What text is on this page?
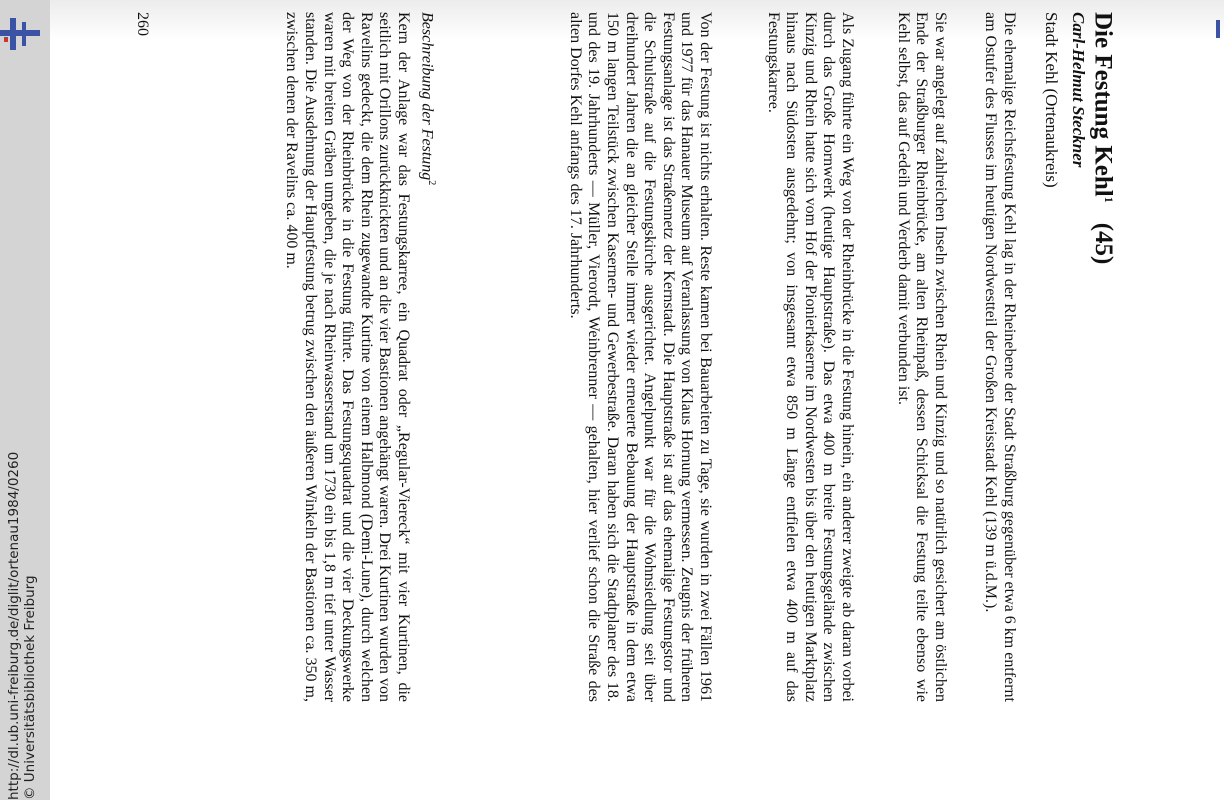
http://dl.ub.uni-freiburg.de/diglit/ortenau1984/0260 © Universitätsbibliothek Freiburg
Die Festung Kehl$^1$(45)
Carl-Helmut Steckner
Stadt Kehl (Ortenaukreis)

Die ehemalige Reichsfestung Kehl lag in der Rheinebene der Stadt Straßburg gegenüber etwa 6 km entfernt am Ostufer des Flusses im heutigen Nordwestteil der Großen Kreisstadt Kehl (139 m ü.d.M.).

Sie war angelegt auf zahlreichen Inseln zwischen Rhein und Kinzig und so natürlich gesichert am östlichen Ende der Straßburger Rheinbrücke, am alten Rheinpaß, dessen Schicksal die Festung teilte ebenso wie Kehl selbst, das auf Gedeih und Verderb damit verbunden ist.

Als Zugang führte ein Weg von der Rheinbrücke in die Festung hinein, ein anderer zweigte ab daran vorbei durch das Große Hornwerk (heutige Hauptstraße). Das etwa 400 m breite Festungsgelände zwischen Kinzig und Rhein hatte sich vom Hof der Pionierkaserne im Nordwesten bis über den heutigen Marktplatz hinaus nach Südosten ausgedehnt; von insgesamt etwa 850 m Länge entfielen etwa 400 m auf das Festungskarree.

Von der Festung ist nichts erhalten. Reste kamen bei Bauarbeiten zu Tage, sie wurden in zwei Fällen 1961 und 1977 für das Hanauer Museum auf Veranlassung von Klaus Hornung vermessen. Zeugnis der früheren Festungsanlage ist das Straßennetz der Kernstadt. Die Hauptstraße ist auf das ehemalige Festungstor und die Schulstraße auf die Festungskirche ausgerichtet. Angelpunkt war für die Wohnsiedlung seit über dreihundert Jahren die an gleicher Stelle immer wieder erneuerte Bebauung der Hauptstraße in dem etwa 150 m langen Teilstück zwischen Kasernen- und Gewerbestraße. Daran haben sich die Stadtplaner des 18. und des 19. Jahrhunderts — Müller, Vierordt, Weinbrenner — gehalten, hier verlief schon die Straße des alten Dorfes Kehl anfangs des 17. Jahrhunderts.

Beschreibung der Festung$^2$

Kern der Anlage war das Festungskarree, ein Quadrat oder „Regular-Viereck“ mit vier Kurtinen, die seitlich mit Orillons zurückknickten und an die vier Bastionen angehängt waren. Drei Kurtinen wurden von Ravelins gedeckt, die dem Rhein zugewandte Kurtine von einem Halbmond (Demi-Lune), durch welchen der Weg von der Rheinbrücke in die Festung führte. Das Festungsquadrat und die vier Deckungswerke waren mit breiten Gräben umgeben, die je nach Rheinwasserstand um 1730 ein bis 1,8 m tief unter Wasser standen. Die Ausdehnung der Hauptfestung betrug zwischen den äußeren Winkeln der Bastionen ca. 350 m, zwischen denen der Ravelins ca. 400 m.

260
